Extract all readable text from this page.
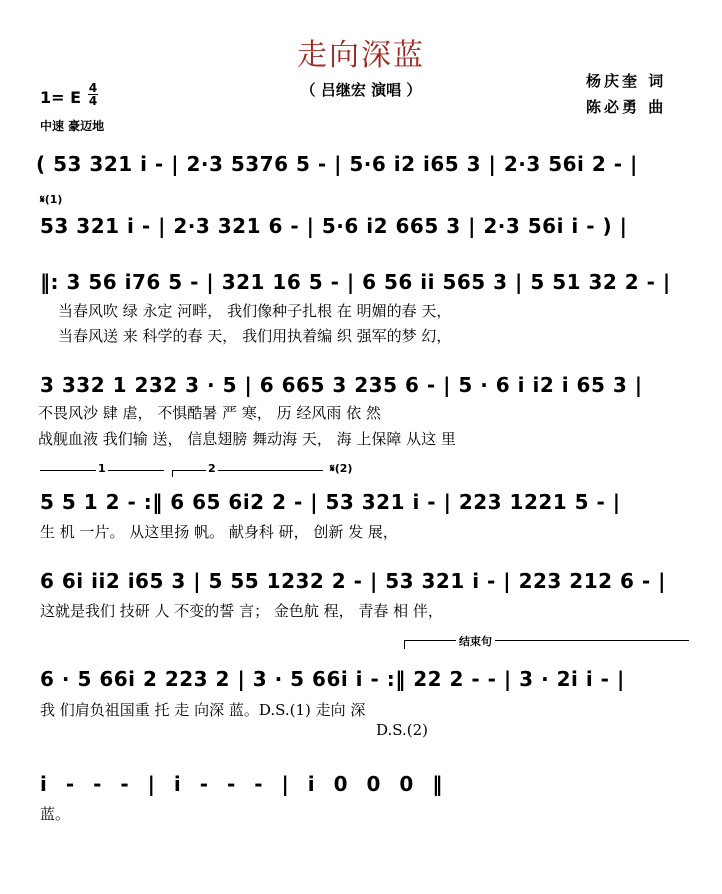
走向深蓝
（ 吕继宏 演唱 ）	杨庆奎 词
陈必勇 曲
1= E 4
4
中速 豪迈地
( 53 321 i - | 2·3 5376 5 - | 5·6 i2 i65 3 | 2·3 56i 2 - |
𝄋(1)
53 321 i - | 2·3 321 6 - | 5·6 i2 665 3 | 2·3 56i i - ) |
‖: 3 56 i76 5 - | 321 16 5 - | 6 56 ii 565 3 | 5 51 32 2 - |
当春风吹 绿 永定 河畔， 我们像种子扎根 在 明媚的春 天，
当春风送 来 科学的春 天， 我们用执着编 织 强军的梦 幻，
3 332 1 232 3 · 5 | 6 665 3 235 6 - | 5 · 6 i i2 i 65 3 |
不畏风沙 肆 虐， 不惧酷暑 严 寒， 历 经风雨 依 然
战舰血液 我们输 送， 信息翅膀 舞动海 天， 海 上保障 从这 里
1	2	𝄋(2)
5 5 1 2 - :‖ 6 65 6i2 2 - | 53 321 i - | 223 1221 5 - |
生 机 一片。 从这里扬 帆。 献身科 研， 创新 发 展，
6 6i ii2 i65 3 | 5 55 1232 2 - | 53 321 i - | 223 212 6 - |
这就是我们 技研 人 不变的誓 言； 金色航 程， 青春 相 伴，
结束句
6 · 5 66i 2 223 2 | 3 · 5 66i i - :‖ 22 2 - - | 3 · 2i i - |
我 们肩负祖国重 托 走 向深 蓝。D.S.(1) 走向 深
D.S.(2)
i - - - | i - - - | i 0 0 0 ‖
蓝。
